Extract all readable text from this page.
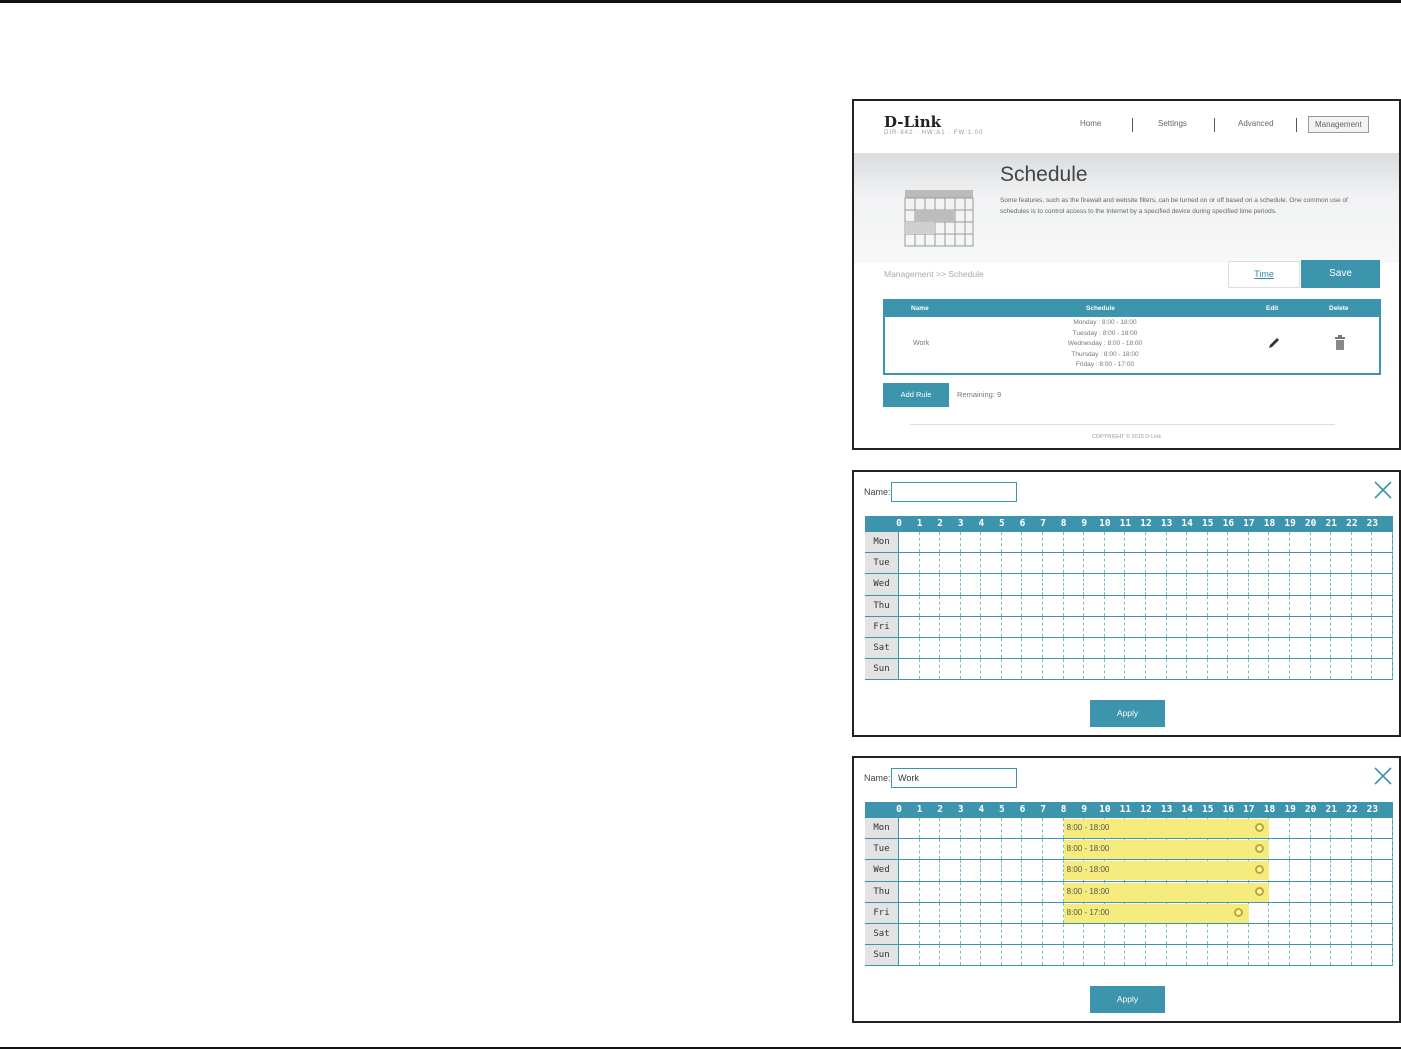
D-Link
DIR-842 · HW:A1 · FW:1.00
Home	Settings	Advanced	Management
Schedule
Some features, such as the firewall and website filters, can be turned on or off based on a schedule. One common use of schedules is to control access to the Internet by a specified device during specified time periods.
Management >> Schedule	Time	Save
Name	Schedule	Edit	Delete
Work
Monday : 8:00 - 18:00
Tuesday : 8:00 - 18:00
Wednesday : 8:00 - 18:00
Thursday : 8:00 - 18:00
Friday : 8:00 - 17:00
Add Rule	Remaining: 9
COPYRIGHT © 2015 D-Link
Name:
0	1	2	3	4	5	6	7	8	9	10 11 12 13 14 15 16 17 18 19 20 21 22 23
Mon
Tue
Wed
Thu
Fri
Sat
Sun
Apply
Name: Work
0	1	2	3	4	5	6	7	8	9	10 11 12 13 14 15 16 17 18 19 20 21 22 23
Mon	8:00 - 18:00
Tue	8:00 - 18:00
Wed	8:00 - 18:00
Thu	8:00 - 18:00
Fri	8:00 - 17:00
Sat
Sun
Apply
